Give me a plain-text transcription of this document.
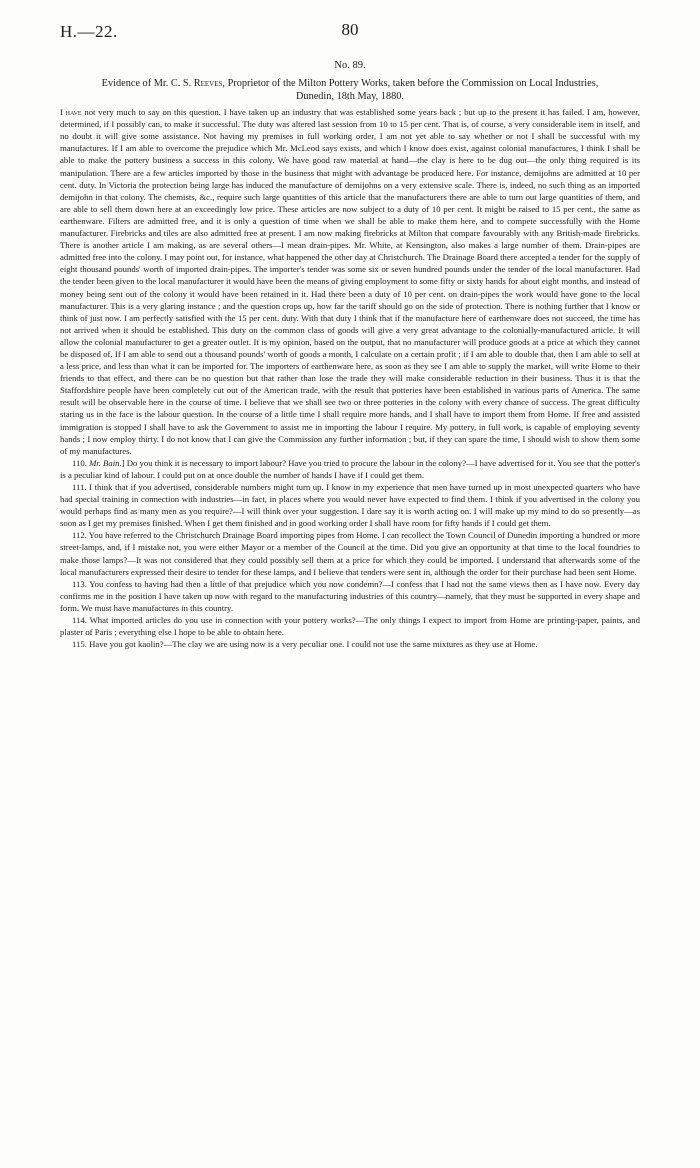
H.—22.	80
No. 89.
Evidence of Mr. C. S. Reeves, Proprietor of the Milton Pottery Works, taken before the Commission on Local Industries, Dunedin, 18th May, 1880.

I have not very much to say on this question. I have taken up an industry that was established some years back ; but up to the present it has failed. I am, however, determined, if I possibly can, to make it successful. The duty was altered last session from 10 to 15 per cent. That is, of course, a very considerable item in itself, and no doubt it will give some assistance. Not having my premises in full working order, I am not yet able to say whether or not I shall be successful with my manufactures. If I am able to overcome the prejudice which Mr. McLeod says exists, and which I know does exist, against colonial manufactures, I think I shall be able to make the pottery business a success in this colony. We have good raw material at hand—the clay is here to be dug out—the only thing required is its manipulation. There are a few articles imported by those in the business that might with advantage be produced here. For instance, demijohns are admitted at 10 per cent. duty. In Victoria the protection being large has induced the manufacture of demijohns on a very extensive scale. There is, indeed, no such thing as an imported demijohn in that colony. The chemists, &c., require such large quantities of this article that the manufacturers there are able to turn out large quantities of them, and are able to sell them down here at an exceedingly low price. These articles are now subject to a duty of 10 per cent. It might be raised to 15 per cent., the same as earthenware. Filters are admitted free, and it is only a question of time when we shall be able to make them here, and to compete successfully with the Home manufacturer. Firebricks and tiles are also admitted free at present. I am now making firebricks at Milton that compare favourably with any British-made firebricks. There is another article I am making, as are several others—I mean drain-pipes. Mr. White, at Kensington, also makes a large number of them. Drain-pipes are admitted free into the colony. I may point out, for instance, what happened the other day at Christchurch. The Drainage Board there accepted a tender for the supply of eight thousand pounds' worth of imported drain-pipes. The importer's tender was some six or seven hundred pounds under the tender of the local manufacturer. Had the tender been given to the local manufacturer it would have been the means of giving employment to some fifty or sixty hands for about eight months, and instead of money being sent out of the colony it would have been retained in it. Had there been a duty of 10 per cent. on drain-pipes the work would have gone to the local manufacturer. This is a very glaring instance ; and the question crops up, how far the tariff should go on the side of protection. There is nothing further that I know or think of just now. I am perfectly satisfied with the 15 per cent. duty. With that duty I think that if the manufacture here of earthenware does not succeed, the time has not arrived when it should be established. This duty on the common class of goods will give a very great advantage to the colonially-manufactured article. It will allow the colonial manufacturer to get a greater outlet. It is my opinion, based on the output, that no manufacturer will produce goods at a price at which they cannot be disposed of. If I am able to send out a thousand pounds' worth of goods a month, I calculate on a certain profit ; if I am able to double that, then I am able to sell at a less price, and less than what it can be imported for. The importers of earthenware here, as soon as they see I am able to supply the market, will write Home to their friends to that effect, and there can be no question but that rather than lose the trade they will make considerable reduction in their business. Thus it is that the Staffordshire people have been completely cut out of the American trade, with the result that potteries have been established in various parts of America. The same result will be observable here in the course of time. I believe that we shall see two or three potteries in the colony with every chance of success. The great difficulty staring us in the face is the labour question. In the course of a little time I shall require more hands, and I shall have to import them from Home. If free and assisted immigration is stopped I shall have to ask the Government to assist me in importing the labour I require. My pottery, in full work, is capable of employing seventy hands ; I now employ thirty. I do not know that I can give the Commission any further information ; but, if they can spare the time, I should wish to show them some of my manufactures.

110. Mr. Bain.] Do you think it is necessary to import labour? Have you tried to procure the labour in the colony?—I have advertised for it. You see that the potter's is a peculiar kind of labour. I could put on at once double the number of hands I have if I could get them.

111. I think that if you advertised, considerable numbers might turn up. I know in my experience that men have turned up in most unexpected quarters who have had special training in connection with industries—in fact, in places where you would never have expected to find them. I think if you advertised in the colony you would perhaps find as many men as you require?—I will think over your suggestion. I dare say it is worth acting on. I will make up my mind to do so presently—as soon as I get my premises finished. When I get them finished and in good working order I shall have room for fifty hands if I could get them.

112. You have referred to the Christchurch Drainage Board importing pipes from Home. I can recollect the Town Council of Dunedin importing a hundred or more street-lamps, and, if I mistake not, you were either Mayor or a member of the Council at the time. Did you give an opportunity at that time to the local foundries to make those lamps?—It was not considered that they could possibly sell them at a price for which they could be imported. I understand that afterwards some of the local manufacturers expressed their desire to tender for these lamps, and I believe that tenders were sent in, although the order for their purchase had been sent Home.

113. You confess to having had then a little of that prejudice which you now condemn?—I confess that I had not the same views then as I have now. Every day confirms me in the position I have taken up now with regard to the manufacturing industries of this country—namely, that they must be supported in every shape and form. We must have manufactures in this country.

114. What imported articles do you use in connection with your pottery works?—The only things I expect to import from Home are printing-paper, paints, and plaster of Paris ; everything else I hope to be able to obtain here.

115. Have you got kaolin?—The clay we are using now is a very peculiar one. I could not use the same mixtures as they use at Home.
